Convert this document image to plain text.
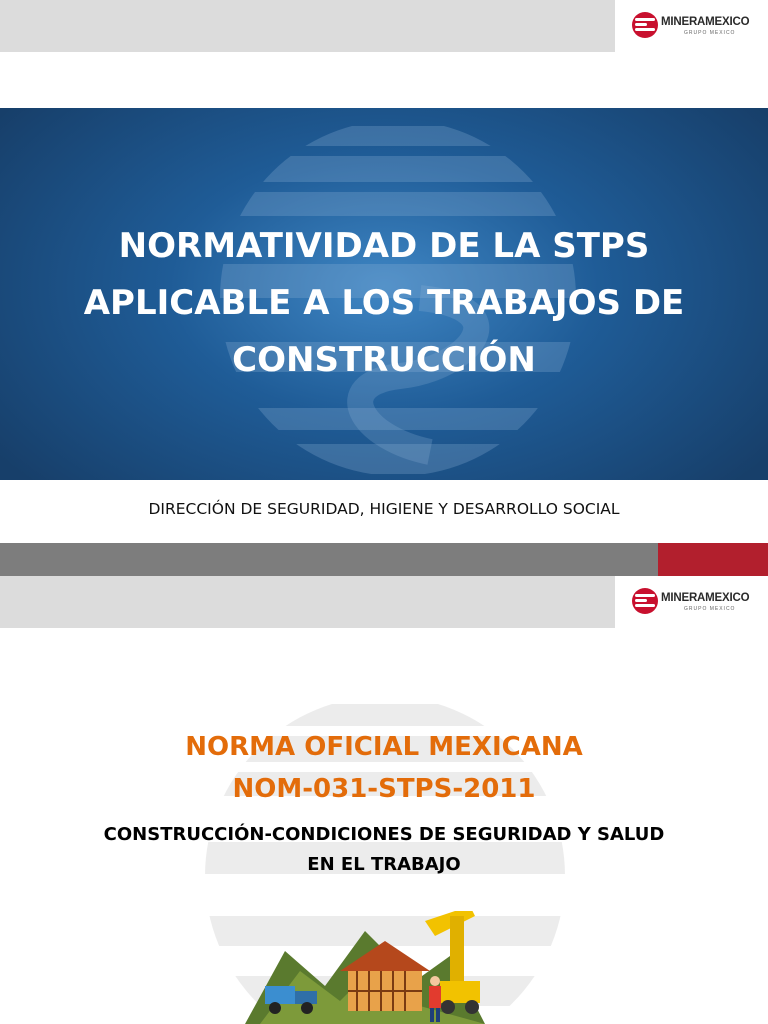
MINERAMEXICO
GRUPO MEXICO
NORMATIVIDAD DE LA STPS
APLICABLE A LOS TRABAJOS DE
CONSTRUCCIÓN
DIRECCIÓN DE SEGURIDAD, HIGIENE Y DESARROLLO SOCIAL
MINERAMEXICO
GRUPO MEXICO
NORMA OFICIAL MEXICANA
NOM-031-STPS-2011
CONSTRUCCIÓN-CONDICIONES DE SEGURIDAD Y SALUD
EN EL TRABAJO
